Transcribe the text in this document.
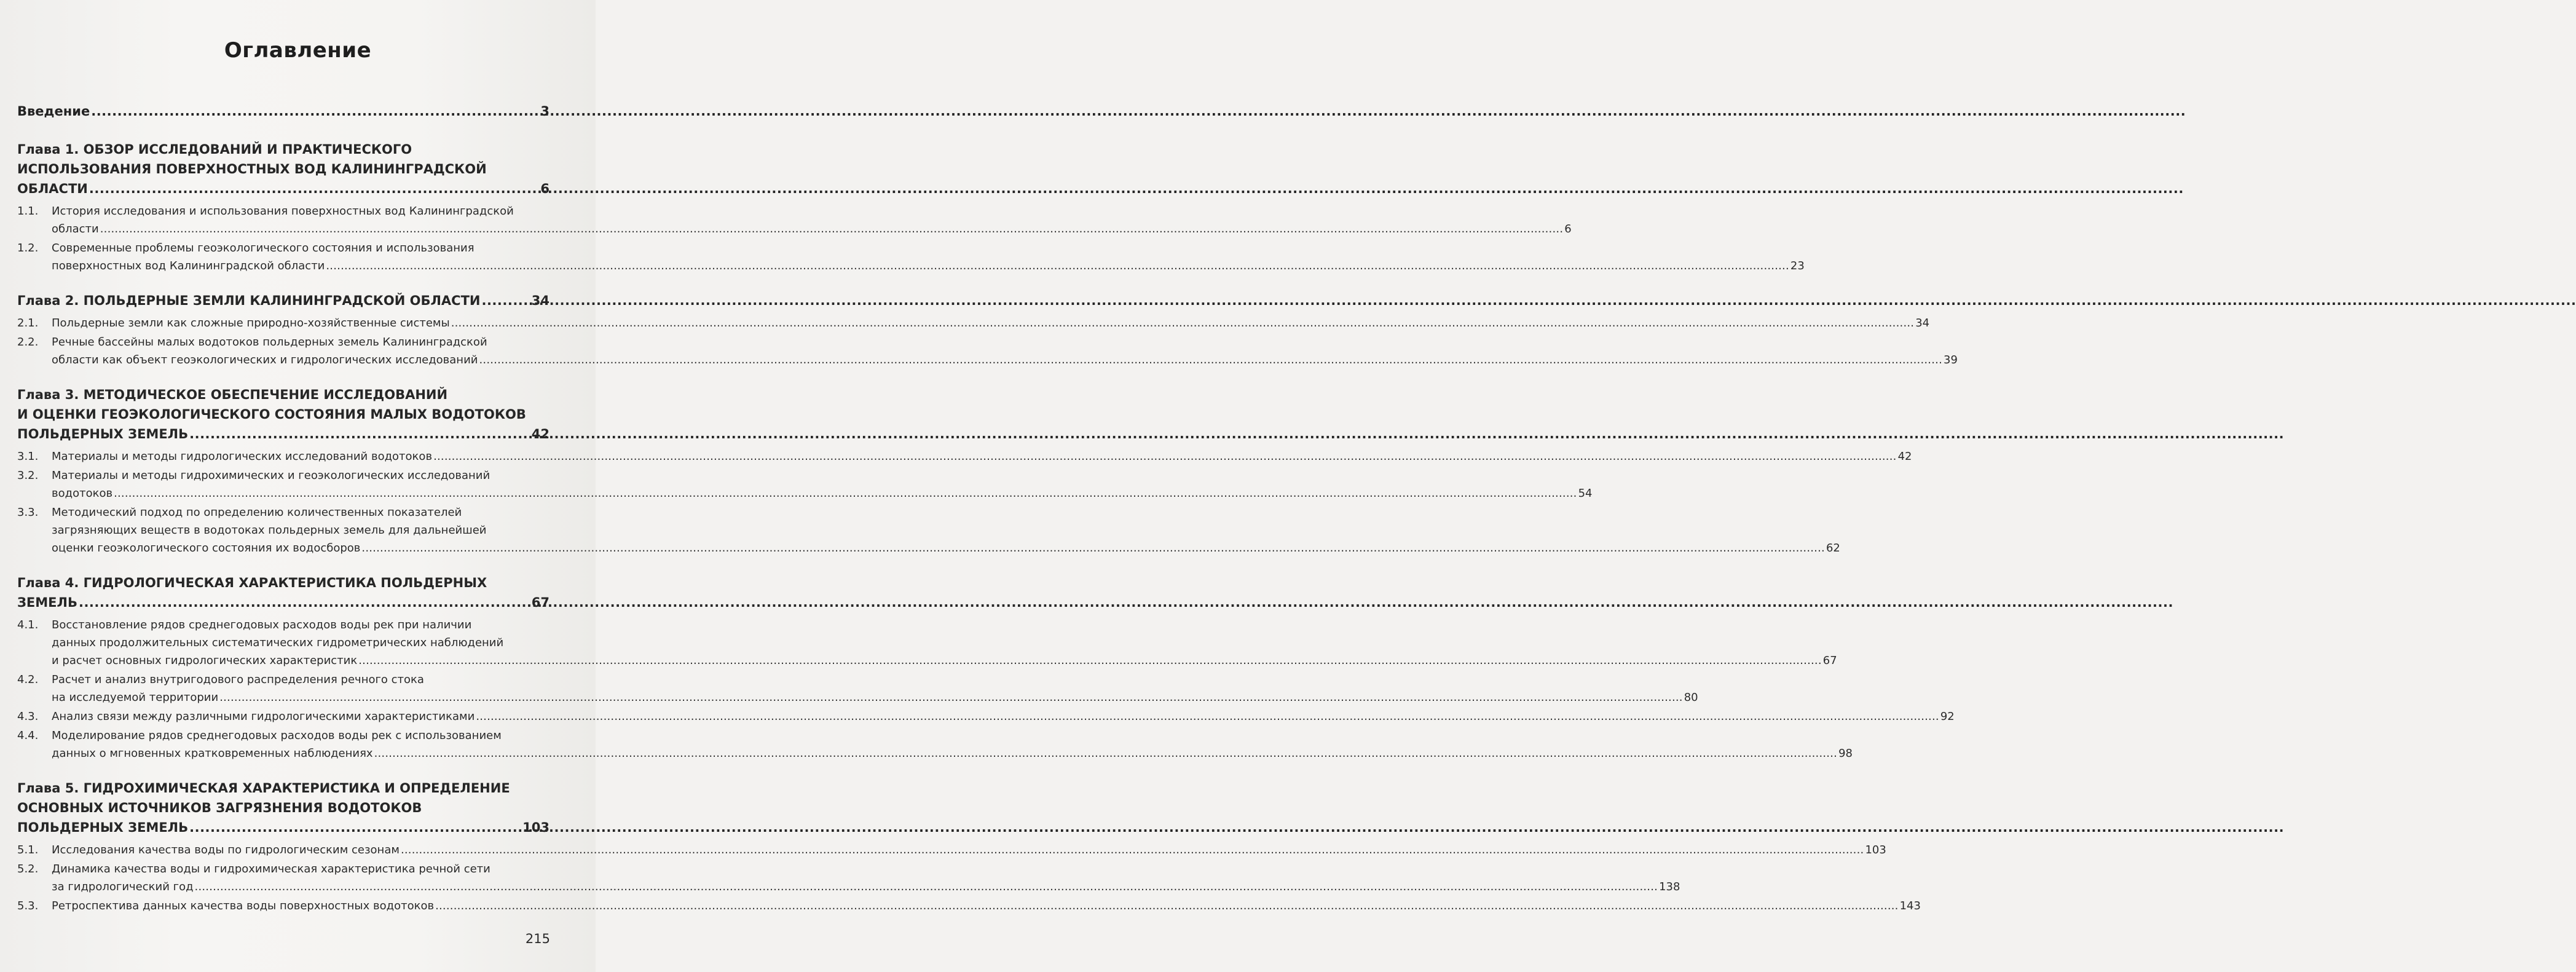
Оглавление
Введение .....	3
Глава 1. ОБЗОР ИССЛЕДОВАНИЙ И ПРАКТИЧЕСКОГО
ИСПОЛЬЗОВАНИЯ ПОВЕРХНОСТНЫХ ВОД КАЛИНИНГРАДСКОЙ
ОБЛАСТИ .....	6
1.1.	История исследования и использования поверхностных вод Калининградской
области .....	6
1.2.	Современные проблемы геоэкологического состояния и использования
поверхностных вод Калининградской области .....	23
Глава 2. ПОЛЬДЕРНЫЕ ЗЕМЛИ КАЛИНИНГРАДСКОЙ ОБЛАСТИ .....	34
2.1.	Польдерные земли как сложные природно-хозяйственные системы .....	34
2.2.	Речные бассейны малых водотоков польдерных земель Калининградской
области как объект геоэкологических и гидрологических исследований .....	39
Глава 3. МЕТОДИЧЕСКОЕ ОБЕСПЕЧЕНИЕ ИССЛЕДОВАНИЙ
И ОЦЕНКИ ГЕОЭКОЛОГИЧЕСКОГО СОСТОЯНИЯ МАЛЫХ ВОДОТОКОВ
ПОЛЬДЕРНЫХ ЗЕМЕЛЬ .....	42
3.1.	Материалы и методы гидрологических исследований водотоков .....	42
3.2.	Материалы и методы гидрохимических и геоэкологических исследований
водотоков .....	54
3.3.	Методический подход по определению количественных показателей
загрязняющих веществ в водотоках польдерных земель для дальнейшей
оценки геоэкологического состояния их водосборов .....	62
Глава 4. ГИДРОЛОГИЧЕСКАЯ ХАРАКТЕРИСТИКА ПОЛЬДЕРНЫХ
ЗЕМЕЛЬ .....	67
4.1.	Восстановление рядов среднегодовых расходов воды рек при наличии
данных продолжительных систематических гидрометрических наблюдений
и расчет основных гидрологических характеристик .....	67
4.2.	Расчет и анализ внутригодового распределения речного стока
на исследуемой территории .....	80
4.3.	Анализ связи между различными гидрологическими характеристиками .....	92
4.4.	Моделирование рядов среднегодовых расходов воды рек с использованием
данных о мгновенных кратковременных наблюдениях .....	98
Глава 5. ГИДРОХИМИЧЕСКАЯ ХАРАКТЕРИСТИКА И ОПРЕДЕЛЕНИЕ
ОСНОВНЫХ ИСТОЧНИКОВ ЗАГРЯЗНЕНИЯ ВОДОТОКОВ
ПОЛЬДЕРНЫХ ЗЕМЕЛЬ .....	103
5.1.	Исследования качества воды по гидрологическим сезонам .....	103
5.2.	Динамика качества воды и гидрохимическая характеристика речной сети
за гидрологический год .....	138
5.3.	Ретроспектива данных качества воды поверхностных водотоков .....	143
215
